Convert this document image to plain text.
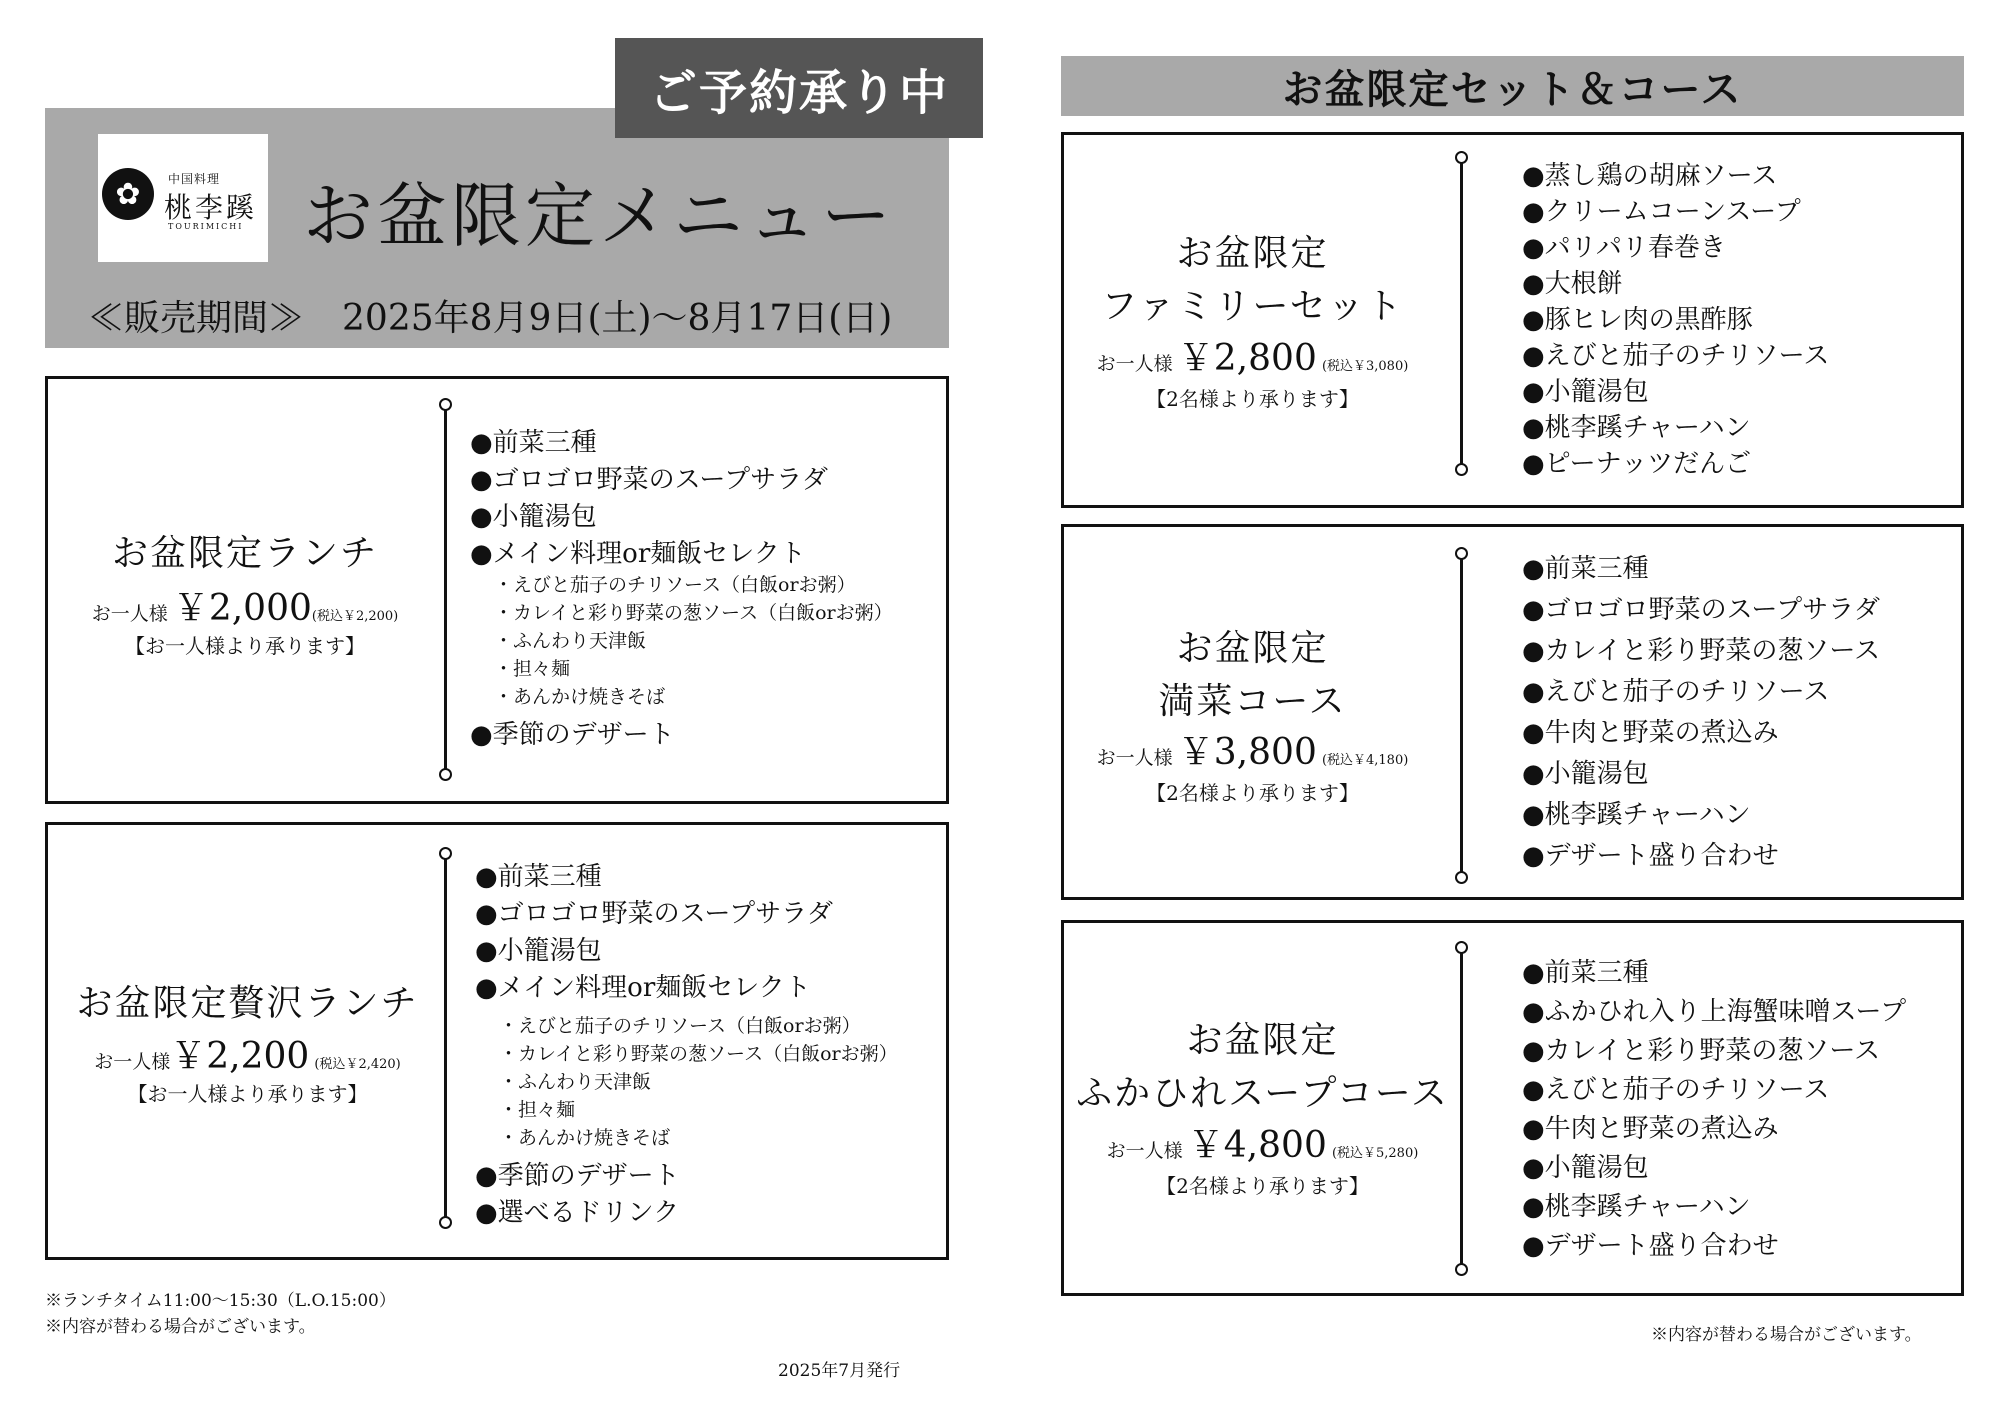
ご予約承り中
✿	中国料理
桃李蹊
TOURIMICHI お盆限定メニュー
≪販売期間≫ 2025年8月9日(土)〜8月17日(日)
お盆限定セット＆コース
お盆限定ランチ
お一人様 ￥2,000(税込￥2,200)
【お一人様より承ります】
●前菜三種
●ゴロゴロ野菜のスープサラダ
●小籠湯包
●メイン料理or麺飯セレクト
・えびと茄子のチリソース（白飯orお粥）
・カレイと彩り野菜の葱ソース（白飯orお粥）
・ふんわり天津飯
・担々麺
・あんかけ焼きそば
●季節のデザート
お盆限定贅沢ランチ
お一人様￥2,200 (税込￥2,420)
【お一人様より承ります】
●前菜三種
●ゴロゴロ野菜のスープサラダ
●小籠湯包
●メイン料理or麺飯セレクト
・えびと茄子のチリソース（白飯orお粥）
・カレイと彩り野菜の葱ソース（白飯orお粥）
・ふんわり天津飯
・担々麺
・あんかけ焼きそば
●季節のデザート
●選べるドリンク
お盆限定
ファミリーセット
お一人様 ￥2,800 (税込￥3,080)
【2名様より承ります】
●蒸し鶏の胡麻ソース
●クリームコーンスープ
●パリパリ春巻き
●大根餅
●豚ヒレ肉の黒酢豚
●えびと茄子のチリソース
●小籠湯包
●桃李蹊チャーハン
●ピーナッツだんご
お盆限定
満菜コース
お一人様 ￥3,800 (税込￥4,180)
【2名様より承ります】
●前菜三種
●ゴロゴロ野菜のスープサラダ
●カレイと彩り野菜の葱ソース
●えびと茄子のチリソース
●牛肉と野菜の煮込み
●小籠湯包
●桃李蹊チャーハン
●デザート盛り合わせ
お盆限定
ふかひれスープコース
お一人様 ￥4,800 (税込￥5,280)
【2名様より承ります】
●前菜三種
●ふかひれ入り上海蟹味噌スープ
●カレイと彩り野菜の葱ソース
●えびと茄子のチリソース
●牛肉と野菜の煮込み
●小籠湯包
●桃李蹊チャーハン
●デザート盛り合わせ
※ランチタイム11:00〜15:30（L.O.15:00）
※内容が替わる場合がございます。	※内容が替わる場合がございます。
2025年7月発行
